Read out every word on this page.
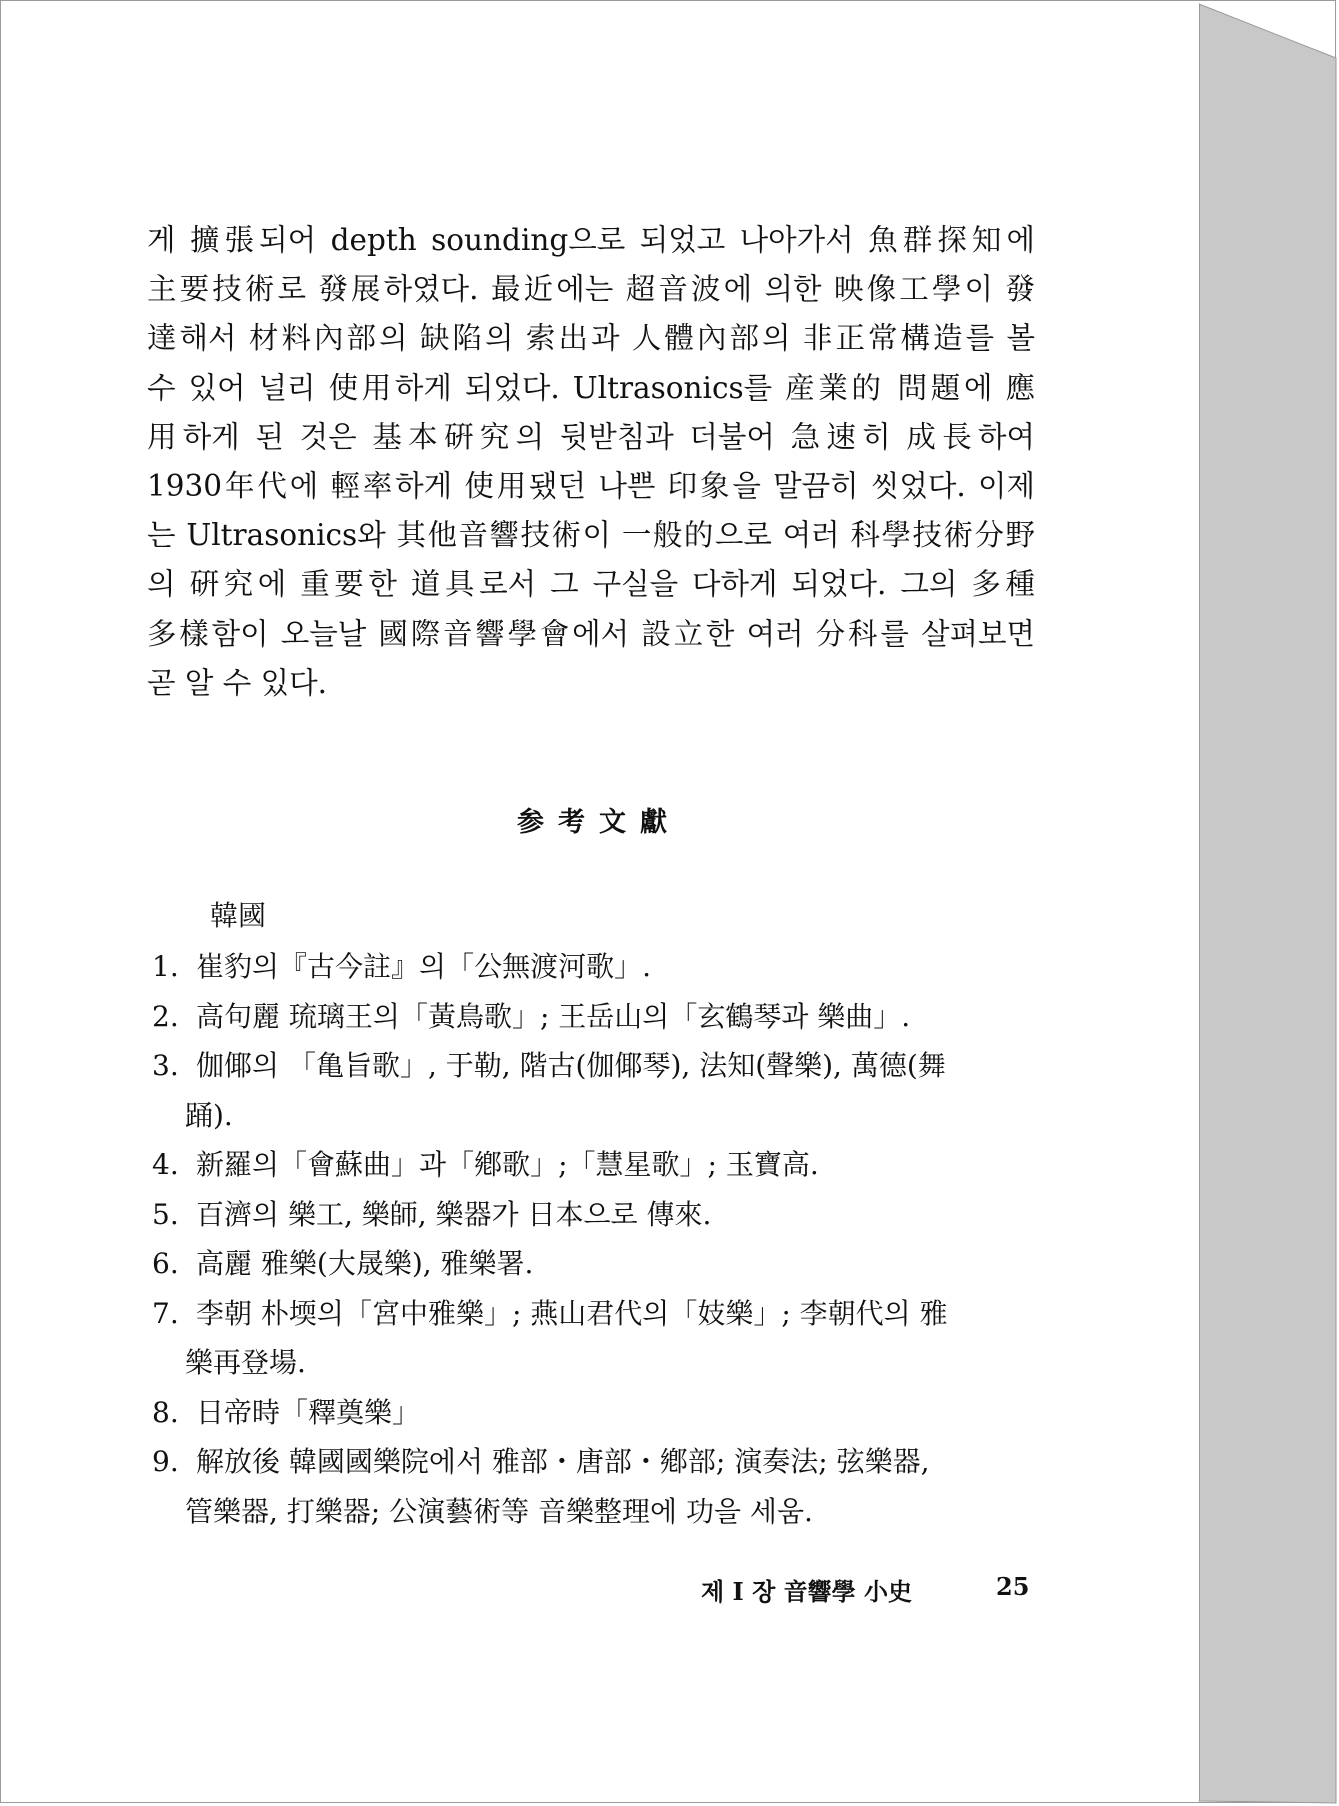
게 擴張되어 depth sounding으로 되었고 나아가서 魚群探知에
主要技術로 發展하였다. 最近에는 超音波에 의한 映像工學이 發
達해서 材料內部의 缺陷의 索出과 人體內部의 非正常構造를 볼
수 있어 널리 使用하게 되었다. Ultrasonics를 産業的 問題에 應
用하게 된 것은 基本硏究의 뒷받침과 더불어 急速히 成長하여
1930年代에 輕率하게 使用됐던 나쁜 印象을 말끔히 씻었다. 이제
는 Ultrasonics와 其他音響技術이 一般的으로 여러 科學技術分野
의 硏究에 重要한 道具로서 그 구실을 다하게 되었다. 그의 多種
多樣함이 오늘날 國際音響學會에서 設立한 여러 分科를 살펴보면
곧 알 수 있다.
参考文獻
韓國
1. 崔豹의『古今註』의「公無渡河歌」.
2. 高句麗 琉璃王의「黃鳥歌」; 王岳山의「玄鶴琴과 樂曲」.
3. 伽倻의 「亀旨歌」, 于勒, 階古(伽倻琴), 法知(聲樂), 萬德(舞
踊).
4. 新羅의「會蘇曲」과「鄕歌」;「慧星歌」; 玉寶高.
5. 百濟의 樂工, 樂師, 樂器가 日本으로 傳來.
6. 高麗 雅樂(大晟樂), 雅樂署.
7. 李朝 朴堧의「宮中雅樂」; 燕山君代의「妓樂」; 李朝代의 雅
樂再登場.
8. 日帝時「釋奠樂」
9. 解放後 韓國國樂院에서 雅部・唐部・鄕部; 演奏法; 弦樂器,
管樂器, 打樂器; 公演藝術等 音樂整理에 功을 세움.
제 I 장 音響學 小史	25
